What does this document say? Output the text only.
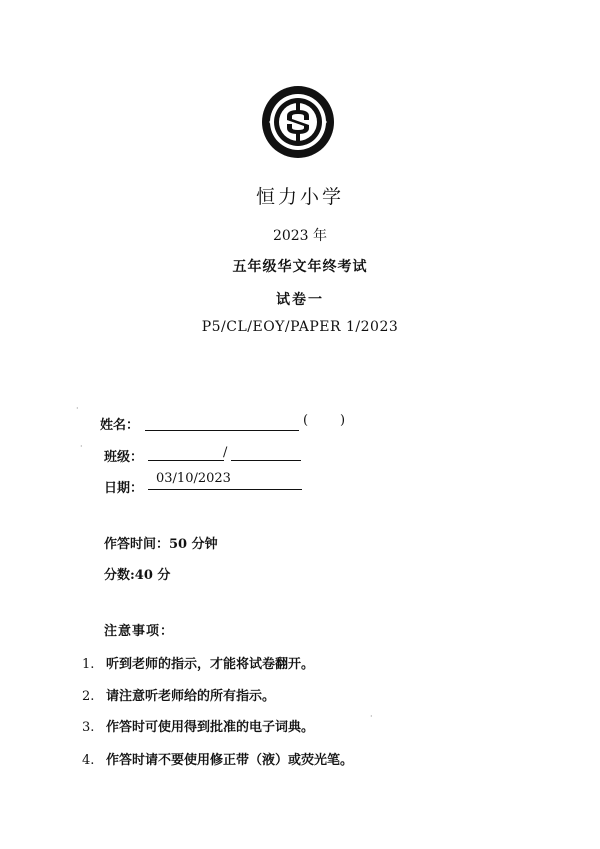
恒力小学
2023 年
五年级华文年终考试
试卷一
P5/CL/EOY/PAPER 1/2023
姓名：	( )
班级：	/
日期：
03/10/2023
作答时间：50 分钟
分数:40 分
注意事项：
1. 听到老师的指示，才能将试卷翻开。
2. 请注意听老师给的所有指示。
3. 作答时可使用得到批准的电子词典。
4. 作答时请不要使用修正带（液）或荧光笔。
·
·
·
